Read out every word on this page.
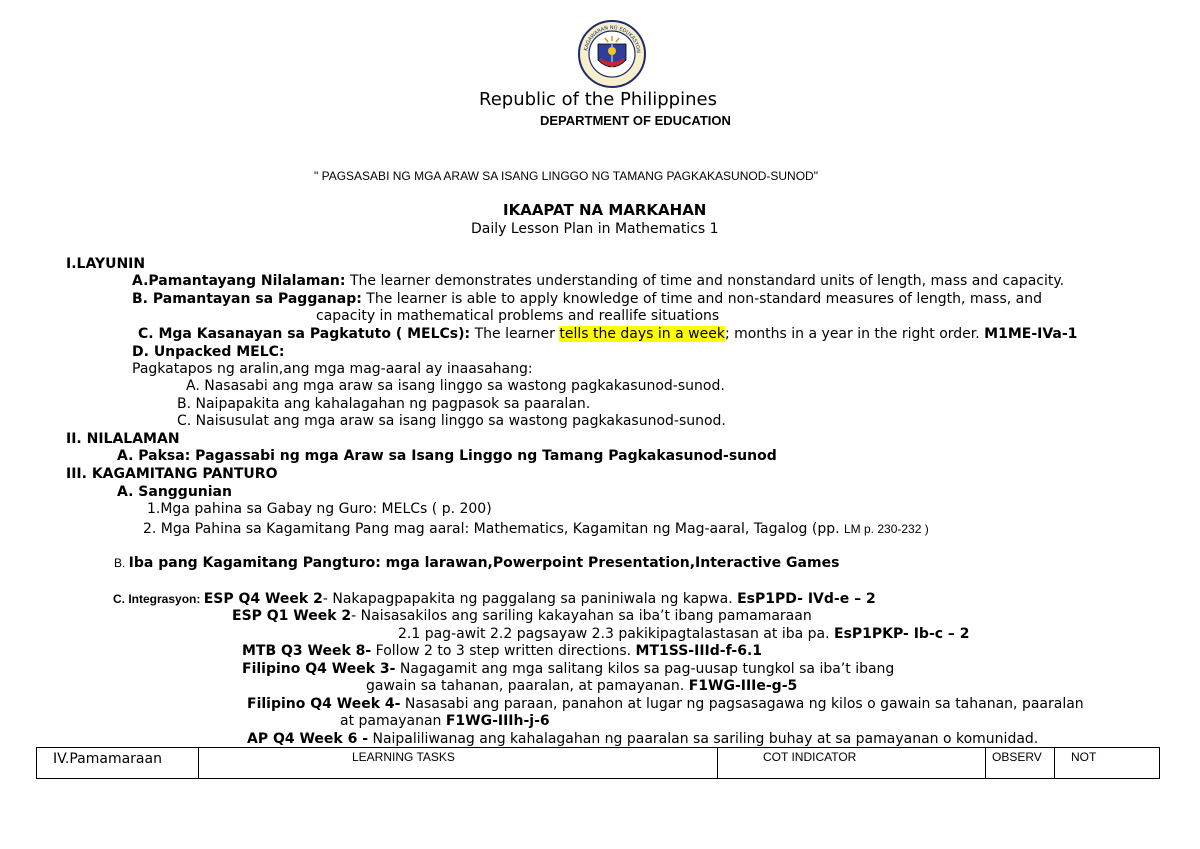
KAGAWARAN NG EDUKASYON
Republic of the Philippines
DEPARTMENT OF EDUCATION
" PAGSASABI NG MGA ARAW SA ISANG LINGGO NG TAMANG PAGKAKASUNOD-SUNOD"
IKAAPAT NA MARKAHAN
Daily Lesson Plan in Mathematics 1
I.LAYUNIN
A.Pamantayang Nilalaman: The learner demonstrates understanding of time and nonstandard units of length, mass and capacity.
B. Pamantayan sa Pagganap: The learner is able to apply knowledge of time and non-standard measures of length, mass, and
capacity in mathematical problems and reallife situations
C. Mga Kasanayan sa Pagkatuto ( MELCs): The learner tells the days in a week; months in a year in the right order. M1ME-IVa-1
D. Unpacked MELC:
Pagkatapos ng aralin,ang mga mag-aaral ay inaasahang:
A. Nasasabi ang mga araw sa isang linggo sa wastong pagkakasunod-sunod.
B. Naipapakita ang kahalagahan ng pagpasok sa paaralan.
C. Naisusulat ang mga araw sa isang linggo sa wastong pagkakasunod-sunod.
II. NILALAMAN
A. Paksa: Pagassabi ng mga Araw sa Isang Linggo ng Tamang Pagkakasunod-sunod
III. KAGAMITANG PANTURO
A. Sanggunian
1.Mga pahina sa Gabay ng Guro: MELCs ( p. 200)
2. Mga Pahina sa Kagamitang Pang mag aaral: Mathematics, Kagamitan ng Mag-aaral, Tagalog (pp. LM p. 230-232 )
B. Iba pang Kagamitang Pangturo: mga larawan,Powerpoint Presentation,Interactive Games
C. Integrasyon: ESP Q4 Week 2- Nakapagpapakita ng paggalang sa paniniwala ng kapwa. EsP1PD- IVd-e – 2
ESP Q1 Week 2- Naisasakilos ang sariling kakayahan sa iba’t ibang pamamaraan
2.1 pag-awit 2.2 pagsayaw 2.3 pakikipagtalastasan at iba pa. EsP1PKP- Ib-c – 2
MTB Q3 Week 8- Follow 2 to 3 step written directions. MT1SS-IIId-f-6.1
Filipino Q4 Week 3- Nagagamit ang mga salitang kilos sa pag-uusap tungkol sa iba’t ibang
gawain sa tahanan, paaralan, at pamayanan. F1WG-IIIe-g-5
Filipino Q4 Week 4- Nasasabi ang paraan, panahon at lugar ng pagsasagawa ng kilos o gawain sa tahanan, paaralan
at pamayanan F1WG-IIIh-j-6
AP Q4 Week 6 - Naipaliliwanag ang kahalagahan ng paaralan sa sariling buhay at sa pamayanan o komunidad.
IV.Pamamaraan	LEARNING TASKS	COT INDICATOR	OBSERV	NOT
